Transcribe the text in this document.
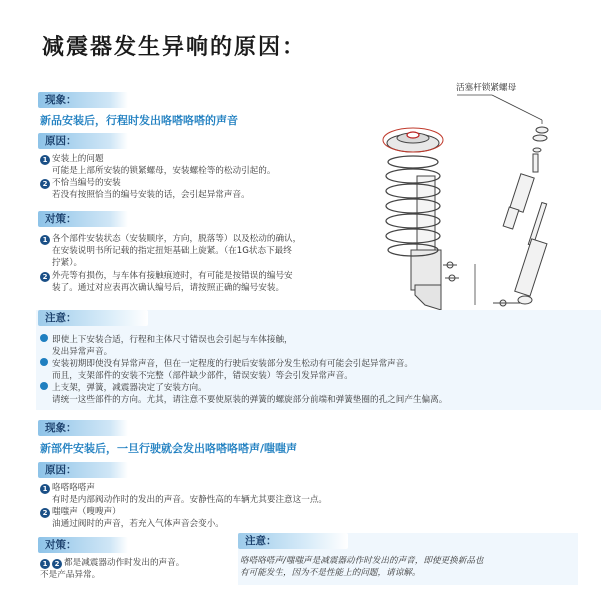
减震器发生异响的原因：
现象：
新品安装后，行程时发出咯嗒咯嗒的声音
原因：
1 安装上的问题
可能是上部所安装的锁紧螺母，安装螺栓等的松动引起的。
2 不恰当编号的安装
若没有按照恰当的编号安装的话，会引起异常声音。
对策：
1 各个部件安装状态（安装顺序，方向，脱落等）以及松动的确认，
在安装说明书所记载的指定扭矩基础上旋紧。（在1G状态下最终
拧紧）。
2 外壳等有损伤，与车体有接触痕迹时，有可能是按错误的编号安
装了。通过对应表再次确认编号后，请按照正确的编号安装。
活塞杆锁紧螺母
注意：
即使上下安装合适，行程和主体尺寸错误也会引起与车体接触，
发出异常声音。
安装初期即使没有异常声音，但在一定程度的行驶后安装部分发生松动有可能会引起异常声音。
而且，支架部件的安装不完整（部件缺少部件，错误安装）等会引发异常声音。
上支架，弹簧，减震器决定了安装方向。
请统一这些部件的方向。尤其，请注意不要使原装的弹簧的螺旋部分前端和弹簧垫圈的孔之间产生偏离。
现象：
新部件安装后，一旦行驶就会发出咯嗒咯嗒声/嗤嗤声
原因：
1 咯嗒咯嗒声
有时是内部阀动作时的发出的声音。安静性高的车辆尤其要注意这一点。
2 嗤嗤声（嗖嗖声）
油通过阀时的声音，若充入气体声音会变小。
对策：
1 2 都是减震器动作时发出的声音。
不是产品异常。
注意：
咯嗒咯嗒声/嗤嗤声是减震器动作时发出的声音，即使更换新品也
有可能发生，因为不是性能上的问题，请谅解。
